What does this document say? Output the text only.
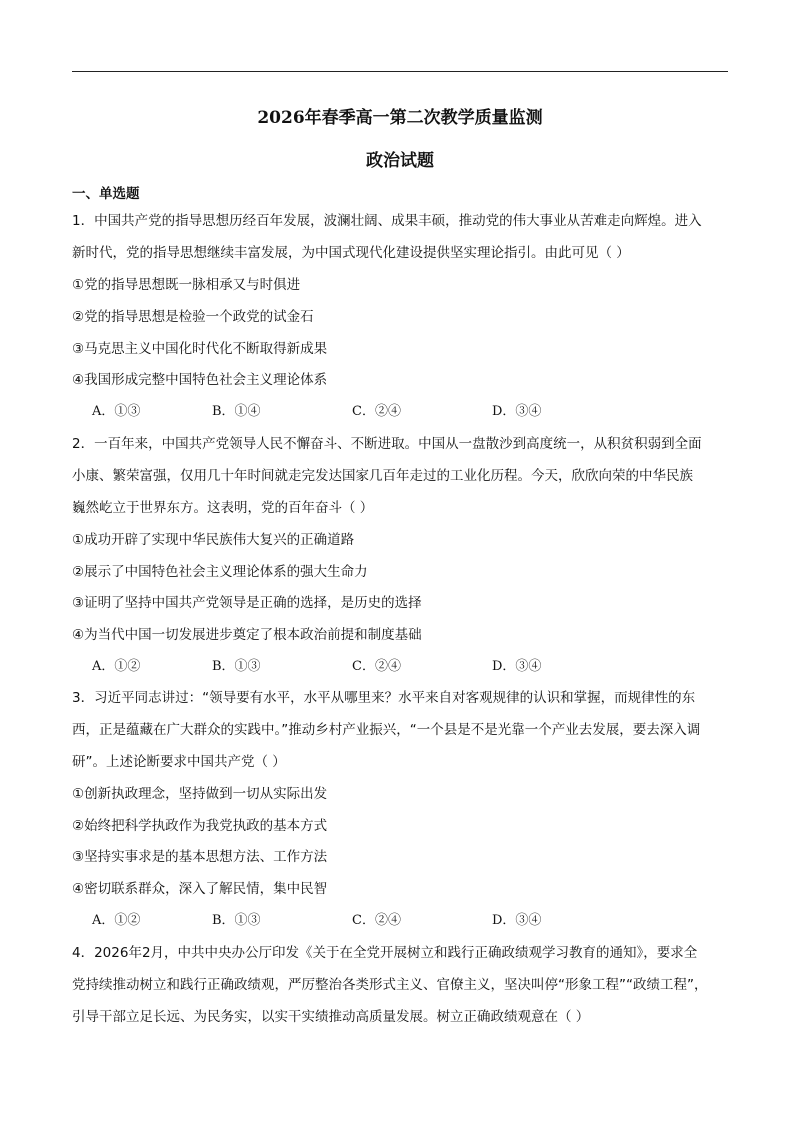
2026年春季高一第二次教学质量监测
政治试题
一、单选题
1．中国共产党的指导思想历经百年发展，波澜壮阔、成果丰硕，推动党的伟大事业从苦难走向辉煌。进入
新时代，党的指导思想继续丰富发展，为中国式现代化建设提供坚实理论指引。由此可见（ ）
①党的指导思想既一脉相承又与时俱进
②党的指导思想是检验一个政党的试金石
③马克思主义中国化时代化不断取得新成果
④我国形成完整中国特色社会主义理论体系
A．①③	B．①④	C．②④	D．③④
2．一百年来，中国共产党领导人民不懈奋斗、不断进取。中国从一盘散沙到高度统一，从积贫积弱到全面
小康、繁荣富强，仅用几十年时间就走完发达国家几百年走过的工业化历程。今天，欣欣向荣的中华民族
巍然屹立于世界东方。这表明，党的百年奋斗（ ）
①成功开辟了实现中华民族伟大复兴的正确道路
②展示了中国特色社会主义理论体系的强大生命力
③证明了坚持中国共产党领导是正确的选择，是历史的选择
④为当代中国一切发展进步奠定了根本政治前提和制度基础
A．①②	B．①③	C．②④	D．③④
3．习近平同志讲过：“领导要有水平，水平从哪里来？水平来自对客观规律的认识和掌握，而规律性的东
西，正是蕴藏在广大群众的实践中。”推动乡村产业振兴，“一个县是不是光靠一个产业去发展，要去深入调
研”。上述论断要求中国共产党（ ）
①创新执政理念，坚持做到一切从实际出发
②始终把科学执政作为我党执政的基本方式
③坚持实事求是的基本思想方法、工作方法
④密切联系群众，深入了解民情，集中民智
A．①②	B．①③	C．②④	D．③④
4．2026年2月，中共中央办公厅印发《关于在全党开展树立和践行正确政绩观学习教育的通知》，要求全
党持续推动树立和践行正确政绩观，严厉整治各类形式主义、官僚主义，坚决叫停“形象工程”“政绩工程”，
引导干部立足长远、为民务实，以实干实绩推动高质量发展。树立正确政绩观意在（ ）
